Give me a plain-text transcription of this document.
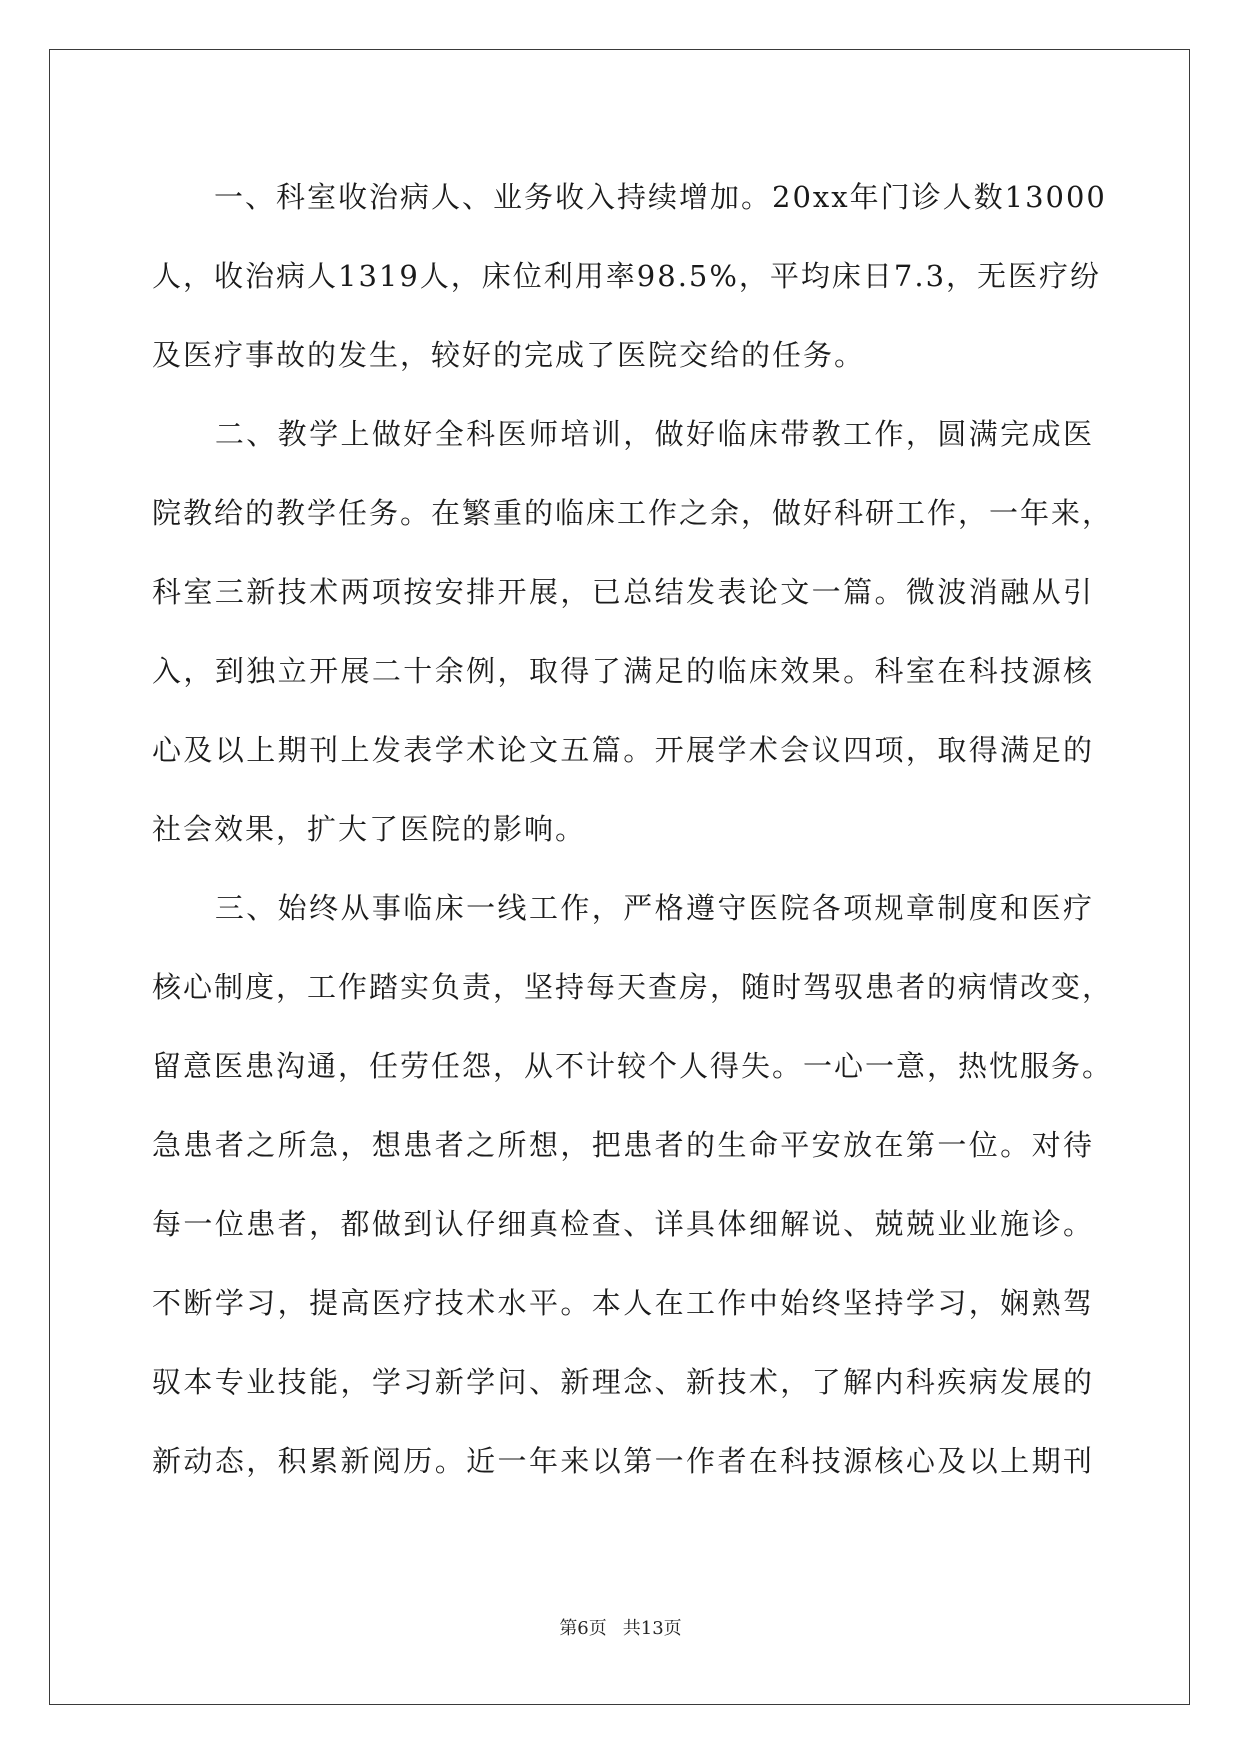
　　一、科室收治病人、业务收入持续增加。20xx年门诊人数13000
人，收治病人1319人，床位利用率98.5%，平均床日7.3，无医疗纷
及医疗事故的发生，较好的完成了医院交给的任务。
　　二、教学上做好全科医师培训，做好临床带教工作，圆满完成医
院教给的教学任务。在繁重的临床工作之余，做好科研工作，一年来，
科室三新技术两项按安排开展，已总结发表论文一篇。微波消融从引
入，到独立开展二十余例，取得了满足的临床效果。科室在科技源核
心及以上期刊上发表学术论文五篇。开展学术会议四项，取得满足的
社会效果，扩大了医院的影响。
　　三、始终从事临床一线工作，严格遵守医院各项规章制度和医疗
核心制度，工作踏实负责，坚持每天查房，随时驾驭患者的病情改变，
留意医患沟通，任劳任怨，从不计较个人得失。一心一意，热忱服务。
急患者之所急，想患者之所想，把患者的生命平安放在第一位。对待
每一位患者，都做到认仔细真检查、详具体细解说、兢兢业业施诊。
不断学习，提高医疗技术水平。本人在工作中始终坚持学习，娴熟驾
驭本专业技能，学习新学问、新理念、新技术，了解内科疾病发展的
新动态，积累新阅历。近一年来以第一作者在科技源核心及以上期刊
第6页 共13页
